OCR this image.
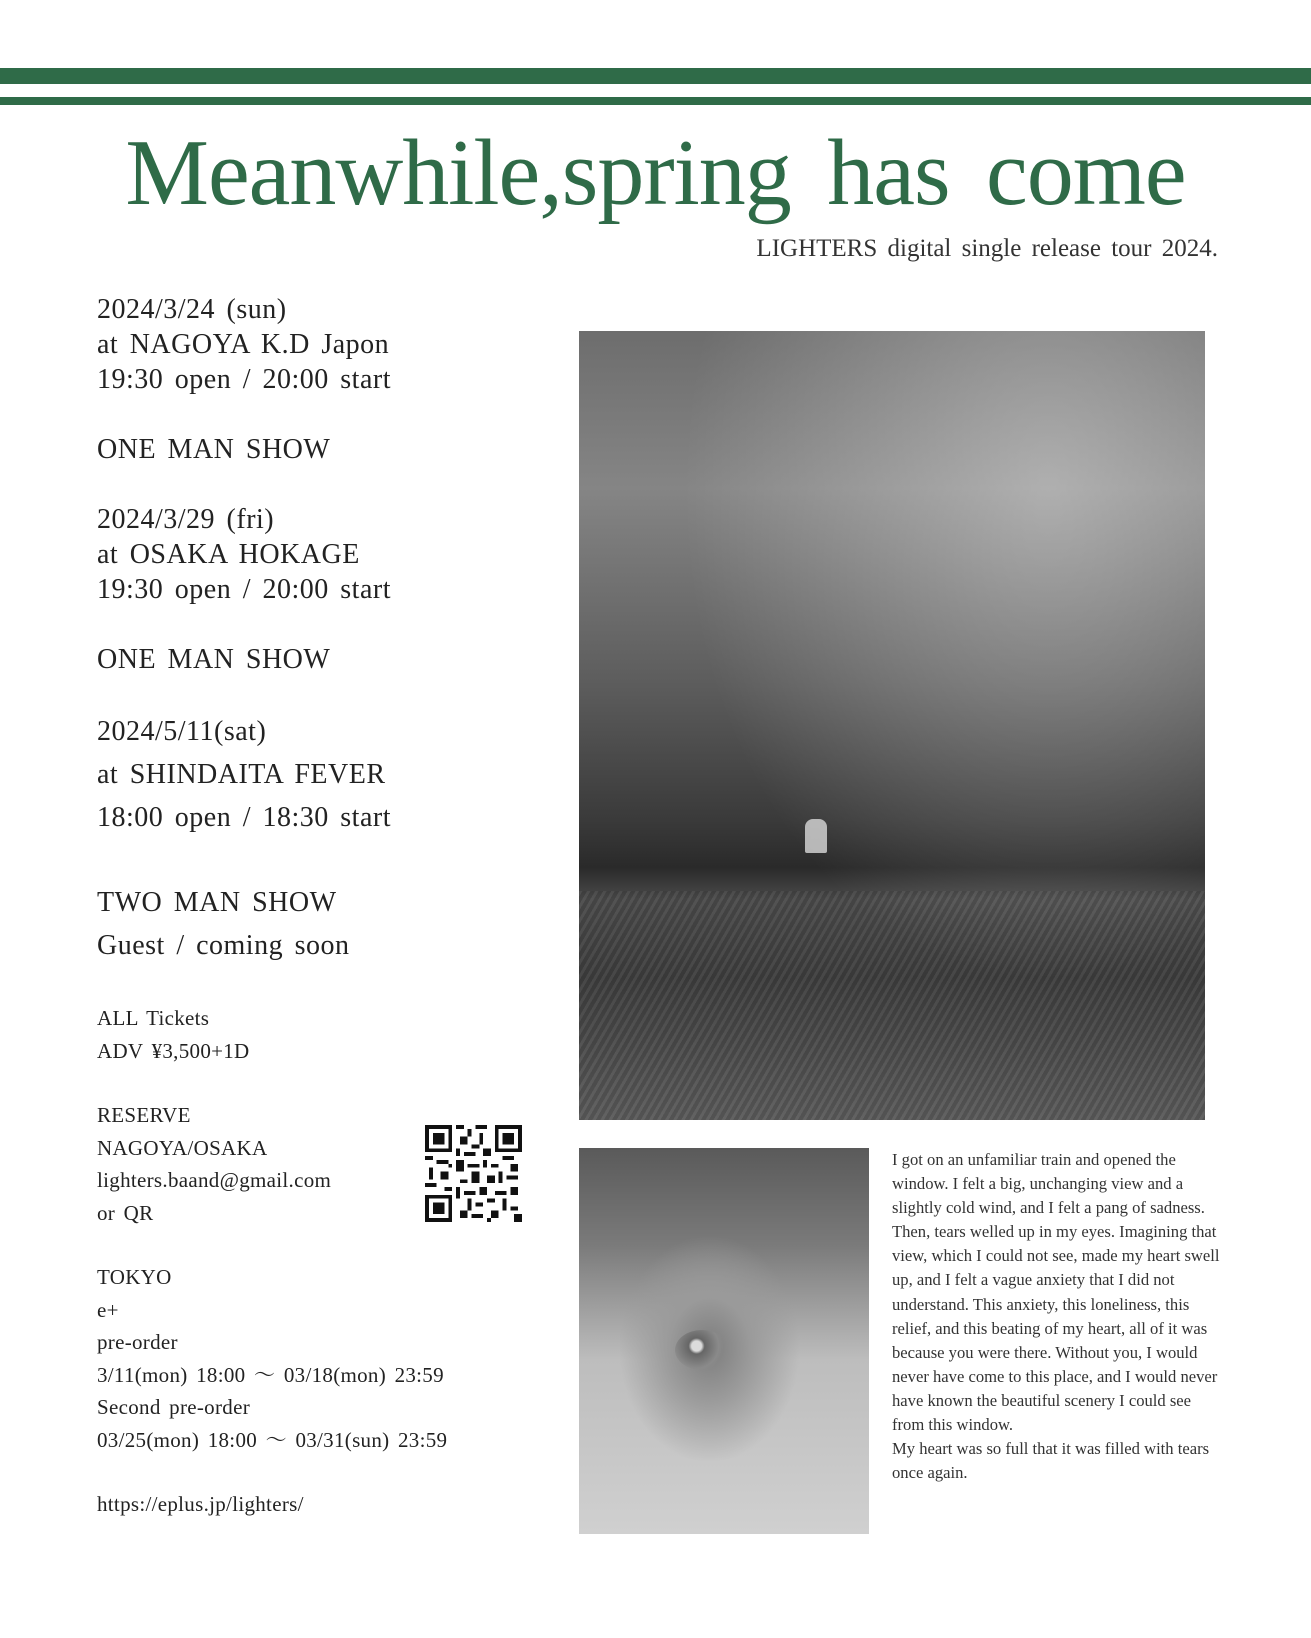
Meanwhile,spring has come
LIGHTERS digital single release tour 2024.
2024/3/24 (sun)
at NAGOYA K.D Japon
19:30 open / 20:00 start
ONE MAN SHOW
2024/3/29 (fri)
at OSAKA HOKAGE
19:30 open / 20:00 start
ONE MAN SHOW
2024/5/11(sat)
at SHINDAITA FEVER
18:00 open / 18:30 start
TWO MAN SHOW
Guest / coming soon
ALL Tickets
ADV ¥3,500+1D
RESERVE
NAGOYA/OSAKA
lighters.baand@gmail.com
or QR
TOKYO
e+
pre-order
3/11(mon) 18:00 ～ 03/18(mon) 23:59
Second pre-order
03/25(mon) 18:00 ～ 03/31(sun) 23:59
https://eplus.jp/lighters/

I got on an unfamiliar train and opened the window. I felt a big, unchanging view and a slightly cold wind, and I felt a pang of sadness. Then, tears welled up in my eyes. Imagining that view, which I could not see, made my heart swell up, and I felt a vague anxiety that I did not understand. This anxiety, this loneliness, this relief, and this beating of my heart, all of it was because you were there. Without you, I would never have come to this place, and I would never have known the beautiful scenery I could see from this window.

My heart was so full that it was filled with tears once again.
